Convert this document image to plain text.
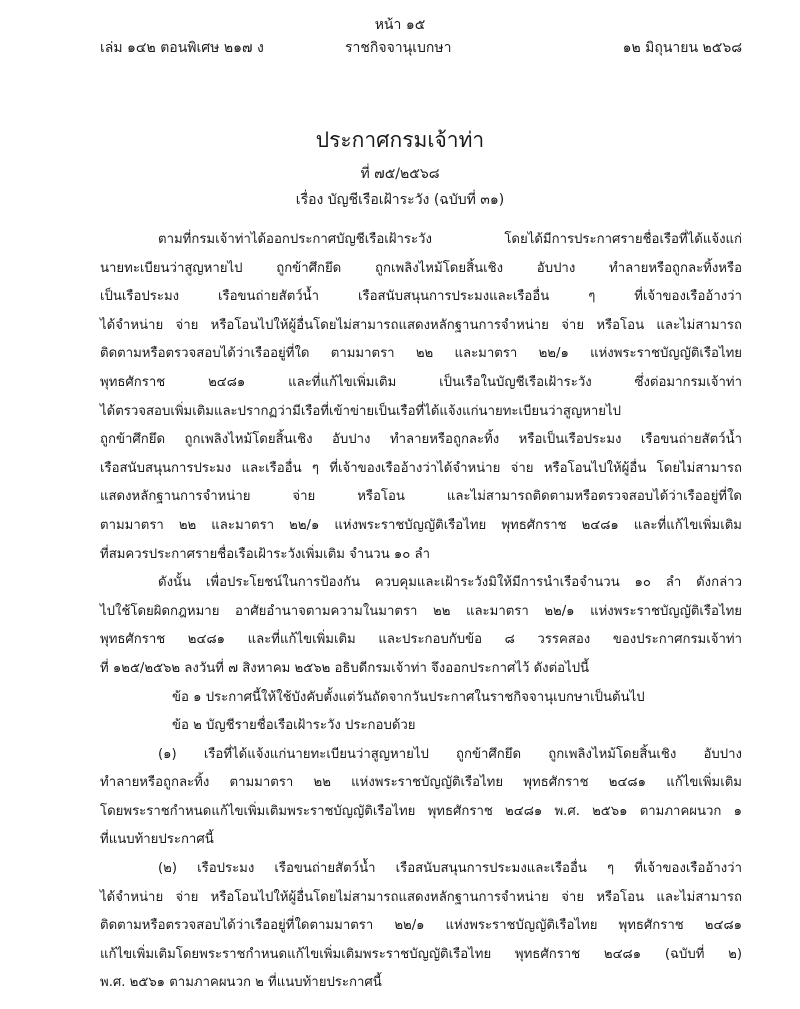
หน้า ๑๕
เล่ม ๑๔๒ ตอนพิเศษ ๒๑๗ ง	ราชกิจจานุเบกษา	๑๒ มิถุนายน ๒๕๖๘
ประกาศกรมเจ้าท่า
ที่ ๗๕/๒๕๖๘
เรื่อง บัญชีเรือเฝ้าระวัง (ฉบับที่ ๓๑)

ตามที่กรมเจ้าท่าได้ออกประกาศบัญชีเรือเฝ้าระวัง โดยได้มีการประกาศรายชื่อเรือที่ได้แจ้งแก่

นายทะเบียนว่าสูญหายไป ถูกข้าศึกยึด ถูกเพลิงไหม้โดยสิ้นเชิง อับปาง ทำลายหรือถูกละทิ้งหรือ

เป็นเรือประมง เรือขนถ่ายสัตว์น้ำ เรือสนับสนุนการประมงและเรืออื่น ๆ ที่เจ้าของเรืออ้างว่า

ได้จำหน่าย จ่าย หรือโอนไปให้ผู้อื่นโดยไม่สามารถแสดงหลักฐานการจำหน่าย จ่าย หรือโอน และไม่สามารถ

ติดตามหรือตรวจสอบได้ว่าเรืออยู่ที่ใด ตามมาตรา ๒๒ และมาตรา ๒๒/๑ แห่งพระราชบัญญัติเรือไทย

พุทธศักราช ๒๔๘๑ และที่แก้ไขเพิ่มเติม เป็นเรือในบัญชีเรือเฝ้าระวัง ซึ่งต่อมากรมเจ้าท่า

ได้ตรวจสอบเพิ่มเติมและปรากฏว่ามีเรือที่เข้าข่ายเป็นเรือที่ได้แจ้งแก่นายทะเบียนว่าสูญหายไป

ถูกข้าศึกยึด ถูกเพลิงไหม้โดยสิ้นเชิง อับปาง ทำลายหรือถูกละทิ้ง หรือเป็นเรือประมง เรือขนถ่ายสัตว์น้ำ

เรือสนับสนุนการประมง และเรืออื่น ๆ ที่เจ้าของเรืออ้างว่าได้จำหน่าย จ่าย หรือโอนไปให้ผู้อื่น โดยไม่สามารถ

แสดงหลักฐานการจำหน่าย จ่าย หรือโอน และไม่สามารถติดตามหรือตรวจสอบได้ว่าเรืออยู่ที่ใด

ตามมาตรา ๒๒ และมาตรา ๒๒/๑ แห่งพระราชบัญญัติเรือไทย พุทธศักราช ๒๔๘๑ และที่แก้ไขเพิ่มเติม

ที่สมควรประกาศรายชื่อเรือเฝ้าระวังเพิ่มเติม จำนวน ๑๐ ลำ

ดังนั้น เพื่อประโยชน์ในการป้องกัน ควบคุมและเฝ้าระวังมิให้มีการนำเรือจำนวน ๑๐ ลำ ดังกล่าว

ไปใช้โดยผิดกฎหมาย อาศัยอำนาจตามความในมาตรา ๒๒ และมาตรา ๒๒/๑ แห่งพระราชบัญญัติเรือไทย

พุทธศักราช ๒๔๘๑ และที่แก้ไขเพิ่มเติม และประกอบกับข้อ ๘ วรรคสอง ของประกาศกรมเจ้าท่า

ที่ ๑๒๕/๒๕๖๒ ลงวันที่ ๗ สิงหาคม ๒๕๖๒ อธิบดีกรมเจ้าท่า จึงออกประกาศไว้ ดังต่อไปนี้

ข้อ ๑ ประกาศนี้ให้ใช้บังคับตั้งแต่วันถัดจากวันประกาศในราชกิจจานุเบกษาเป็นต้นไป

ข้อ ๒ บัญชีรายชื่อเรือเฝ้าระวัง ประกอบด้วย

(๑) เรือที่ได้แจ้งแก่นายทะเบียนว่าสูญหายไป ถูกข้าศึกยึด ถูกเพลิงไหม้โดยสิ้นเชิง อับปาง

ทำลายหรือถูกละทิ้ง ตามมาตรา ๒๒ แห่งพระราชบัญญัติเรือไทย พุทธศักราช ๒๔๘๑ แก้ไขเพิ่มเติม

โดยพระราชกำหนดแก้ไขเพิ่มเติมพระราชบัญญัติเรือไทย พุทธศักราช ๒๔๘๑ พ.ศ. ๒๕๖๑ ตามภาคผนวก ๑

ที่แนบท้ายประกาศนี้

(๒) เรือประมง เรือขนถ่ายสัตว์น้ำ เรือสนับสนุนการประมงและเรืออื่น ๆ ที่เจ้าของเรืออ้างว่า

ได้จำหน่าย จ่าย หรือโอนไปให้ผู้อื่นโดยไม่สามารถแสดงหลักฐานการจำหน่าย จ่าย หรือโอน และไม่สามารถ

ติดตามหรือตรวจสอบได้ว่าเรืออยู่ที่ใดตามมาตรา ๒๒/๑ แห่งพระราชบัญญัติเรือไทย พุทธศักราช ๒๔๘๑

แก้ไขเพิ่มเติมโดยพระราชกำหนดแก้ไขเพิ่มเติมพระราชบัญญัติเรือไทย พุทธศักราช ๒๔๘๑ (ฉบับที่ ๒)

พ.ศ. ๒๕๖๑ ตามภาคผนวก ๒ ที่แนบท้ายประกาศนี้
